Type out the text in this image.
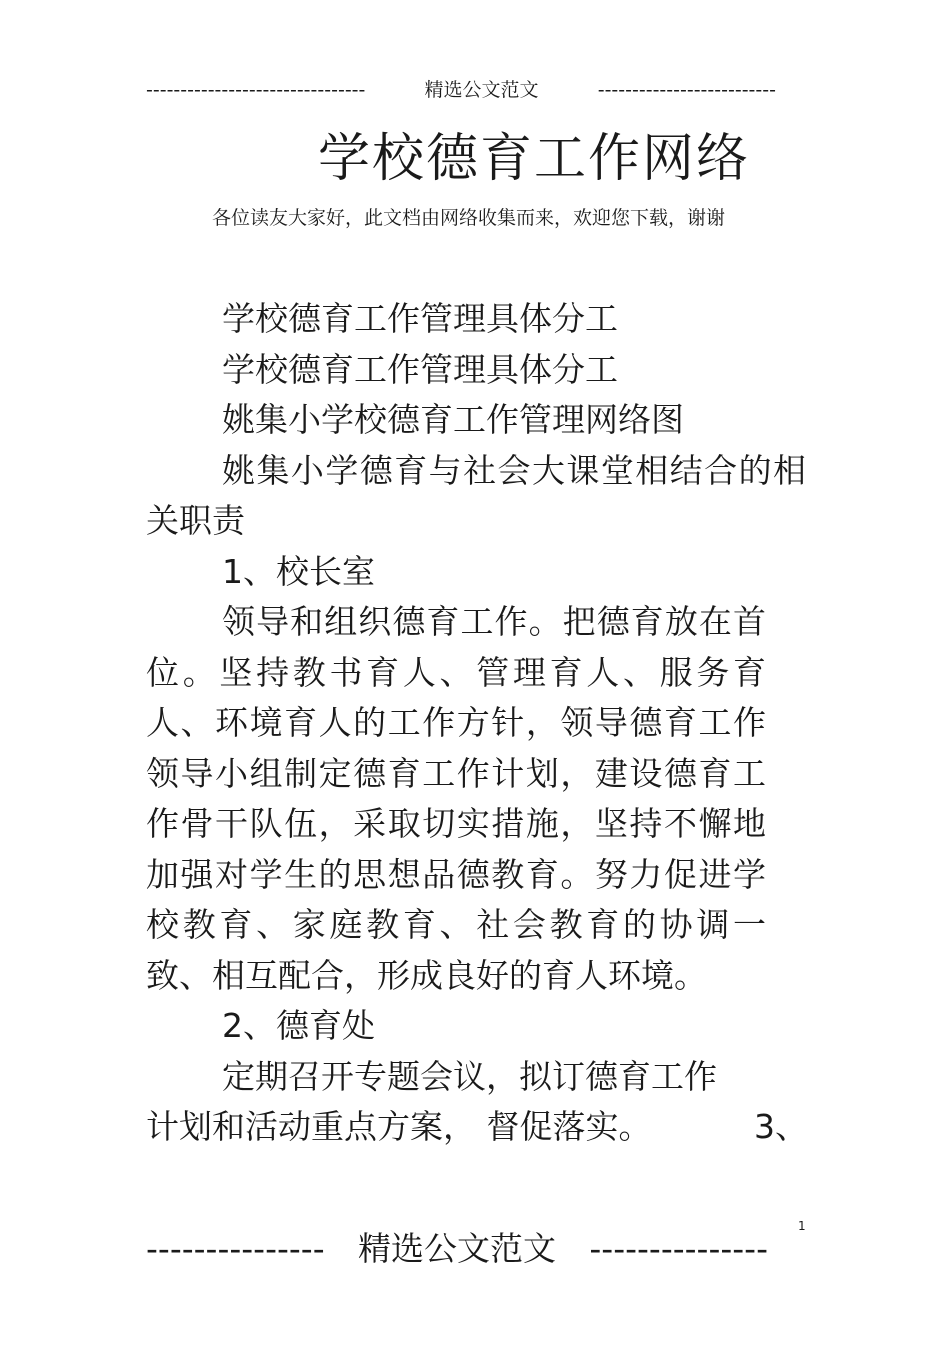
--------------------------------	精选公文范文	--------------------------
学校德育工作网络
各位读友大家好，此文档由网络收集而来，欢迎您下载，谢谢

学校德育工作管理具体分工

学校德育工作管理具体分工

姚集小学校德育工作管理网络图

姚集小学德育与社会大课堂相结合的相关职责

1、校长室

领导和组织德育工作。把德育放在首位。坚持教书育人、管理育人、服务育人、环境育人的工作方针，领导德育工作领导小组制定德育工作计划，建设德育工作骨干队伍，采取切实措施，坚持不懈地加强对学生的思想品德教育。努力促进学校教育、家庭教育、社会教育的协调一致、相互配合，形成良好的育人环境。

2、德育处

定期召开专题会议，拟订德育工作

计划和活动重点方案， 督促落实。	3、
1
--------------- 精选公文范文 ---------------
